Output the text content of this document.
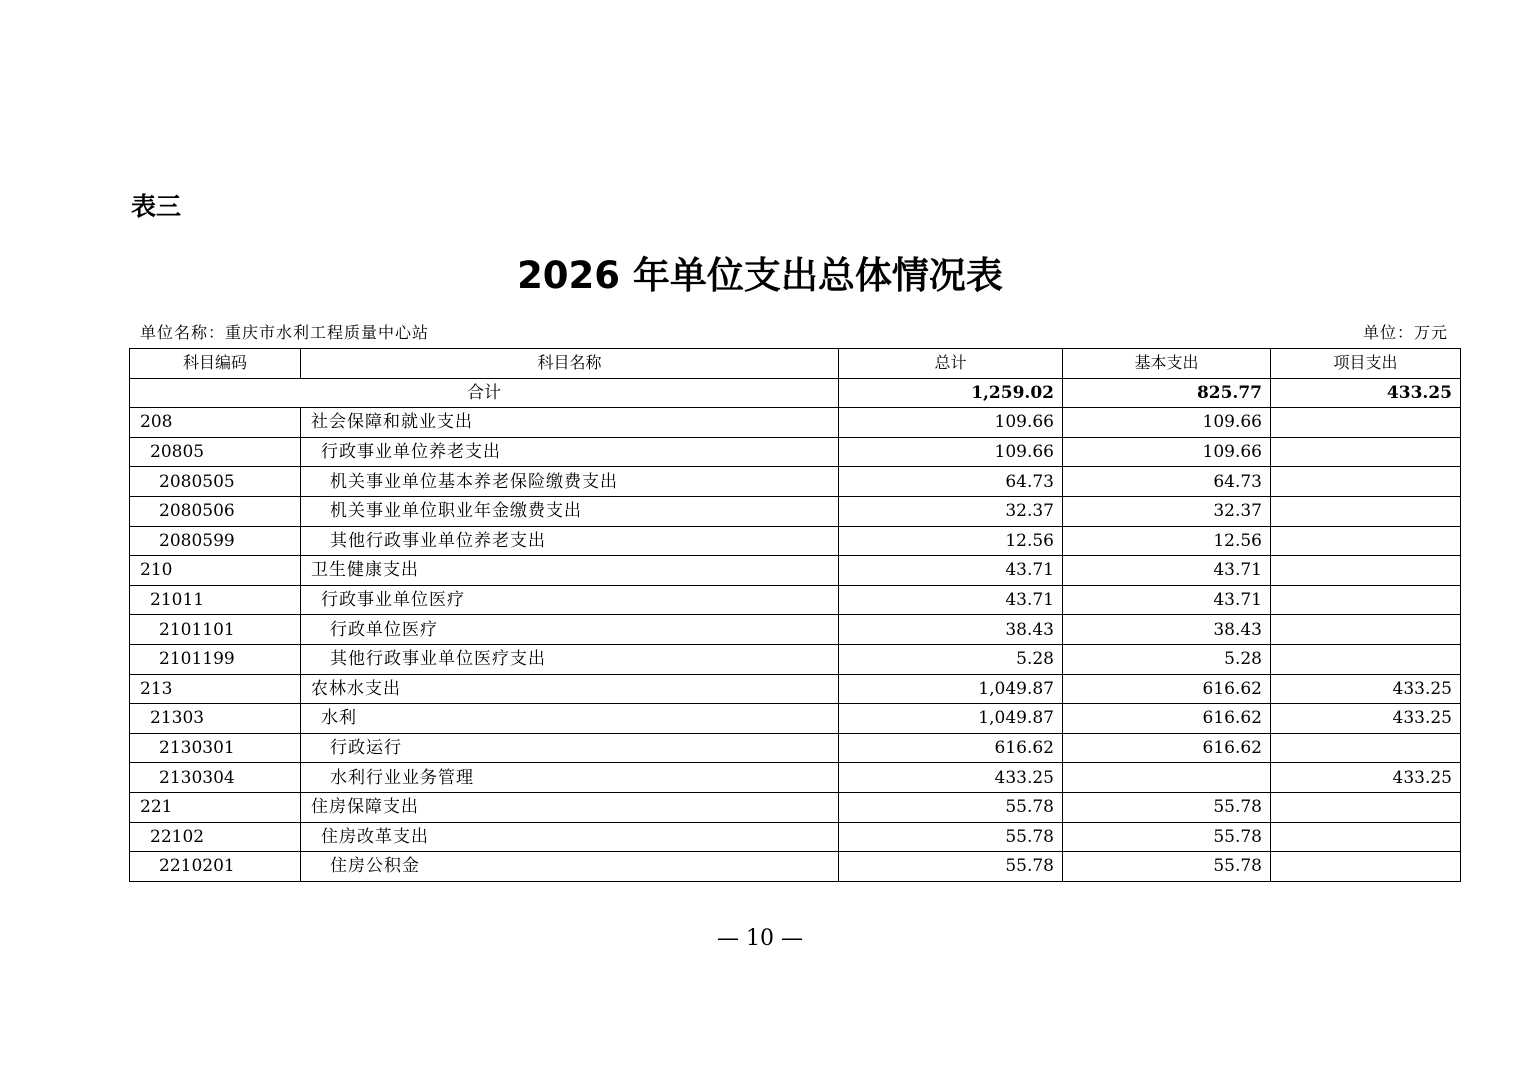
表三
2026 年单位支出总体情况表
单位名称：重庆市水利工程质量中心站	单位：万元
科目编码	科目名称	总计	基本支出	项目支出
合计		1,259.02	825.77	433.25
208	社会保障和就业支出	109.66	109.66	
20805	行政事业单位养老支出	109.66	109.66	
2080505	机关事业单位基本养老保险缴费支出	64.73	64.73	
2080506	机关事业单位职业年金缴费支出	32.37	32.37	
2080599	其他行政事业单位养老支出	12.56	12.56	
210	卫生健康支出	43.71	43.71	
21011	行政事业单位医疗	43.71	43.71	
2101101	行政单位医疗	38.43	38.43	
2101199	其他行政事业单位医疗支出	5.28	5.28	
213	农林水支出	1,049.87	616.62	433.25
21303	水利	1,049.87	616.62	433.25
2130301	行政运行	616.62	616.62	
2130304	水利行业业务管理	433.25		433.25
221	住房保障支出	55.78	55.78	
22102	住房改革支出	55.78	55.78	
2210201	住房公积金	55.78	55.78	
— 10 —
